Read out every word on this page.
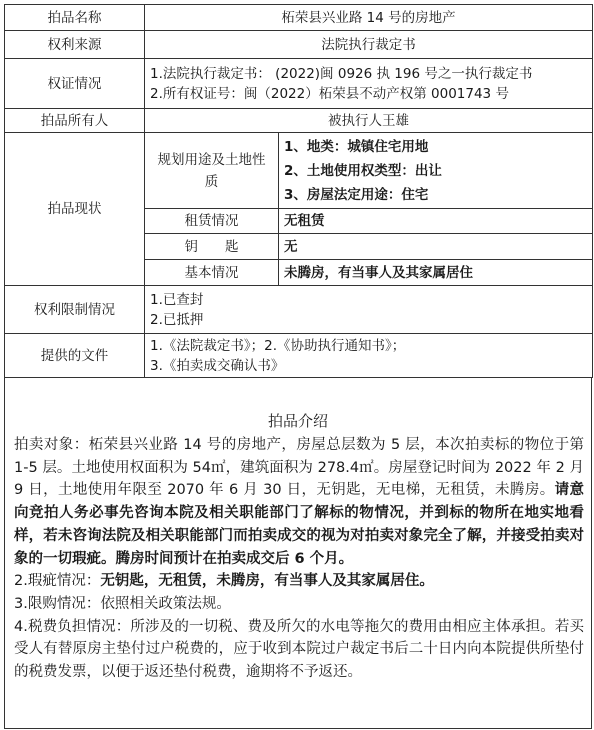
拍品名称	柘荣县兴业路 14 号的房地产	
权利来源	法院执行裁定书	
权证情况	1.法院执行裁定书： (2022)闽 0926 执 196 号之一执行裁定书
2.所有权证号：闽（2022）柘荣县不动产权第 0001743 号	

拍品所有人	被执行人王雄	
拍品现状	规划用途及土地性质	1、地类：城镇住宅用地
2、土地使用权类型：出让
3、房屋法定用途：住宅

	租赁情况	无租赁
	钥　　匙	无
	基本情况	未腾房，有当事人及其家属居住
权利限制情况	1.已查封
2.已抵押	

提供的文件	1.《法院裁定书》；2.《协助执行通知书》；
3.《拍卖成交确认书》	
拍品介绍

拍卖对象：柘荣县兴业路 14 号的房地产，房屋总层数为 5 层，本次拍卖标的物位于第 1-5 层。土地使用权面积为 54㎡，建筑面积为 278.4㎡。房屋登记时间为 2022 年 2 月 9 日，土地使用年限至 2070 年 6 月 30 日，无钥匙，无电梯，无租赁，未腾房。请意向竞拍人务必事先咨询本院及相关职能部门了解标的物情况，并到标的物所在地实地看样，若未咨询法院及相关职能部门而拍卖成交的视为对拍卖对象完全了解，并接受拍卖对象的一切瑕疵。腾房时间预计在拍卖成交后 6 个月。

2.瑕疵情况：无钥匙，无租赁，未腾房，有当事人及其家属居住。

3.限购情况：依照相关政策法规。

4.税费负担情况：所涉及的一切税、费及所欠的水电等拖欠的费用由相应主体承担。若买受人有替原房主垫付过户税费的，应于收到本院过户裁定书后二十日内向本院提供所垫付的税费发票，以便于返还垫付税费，逾期将不予返还。
